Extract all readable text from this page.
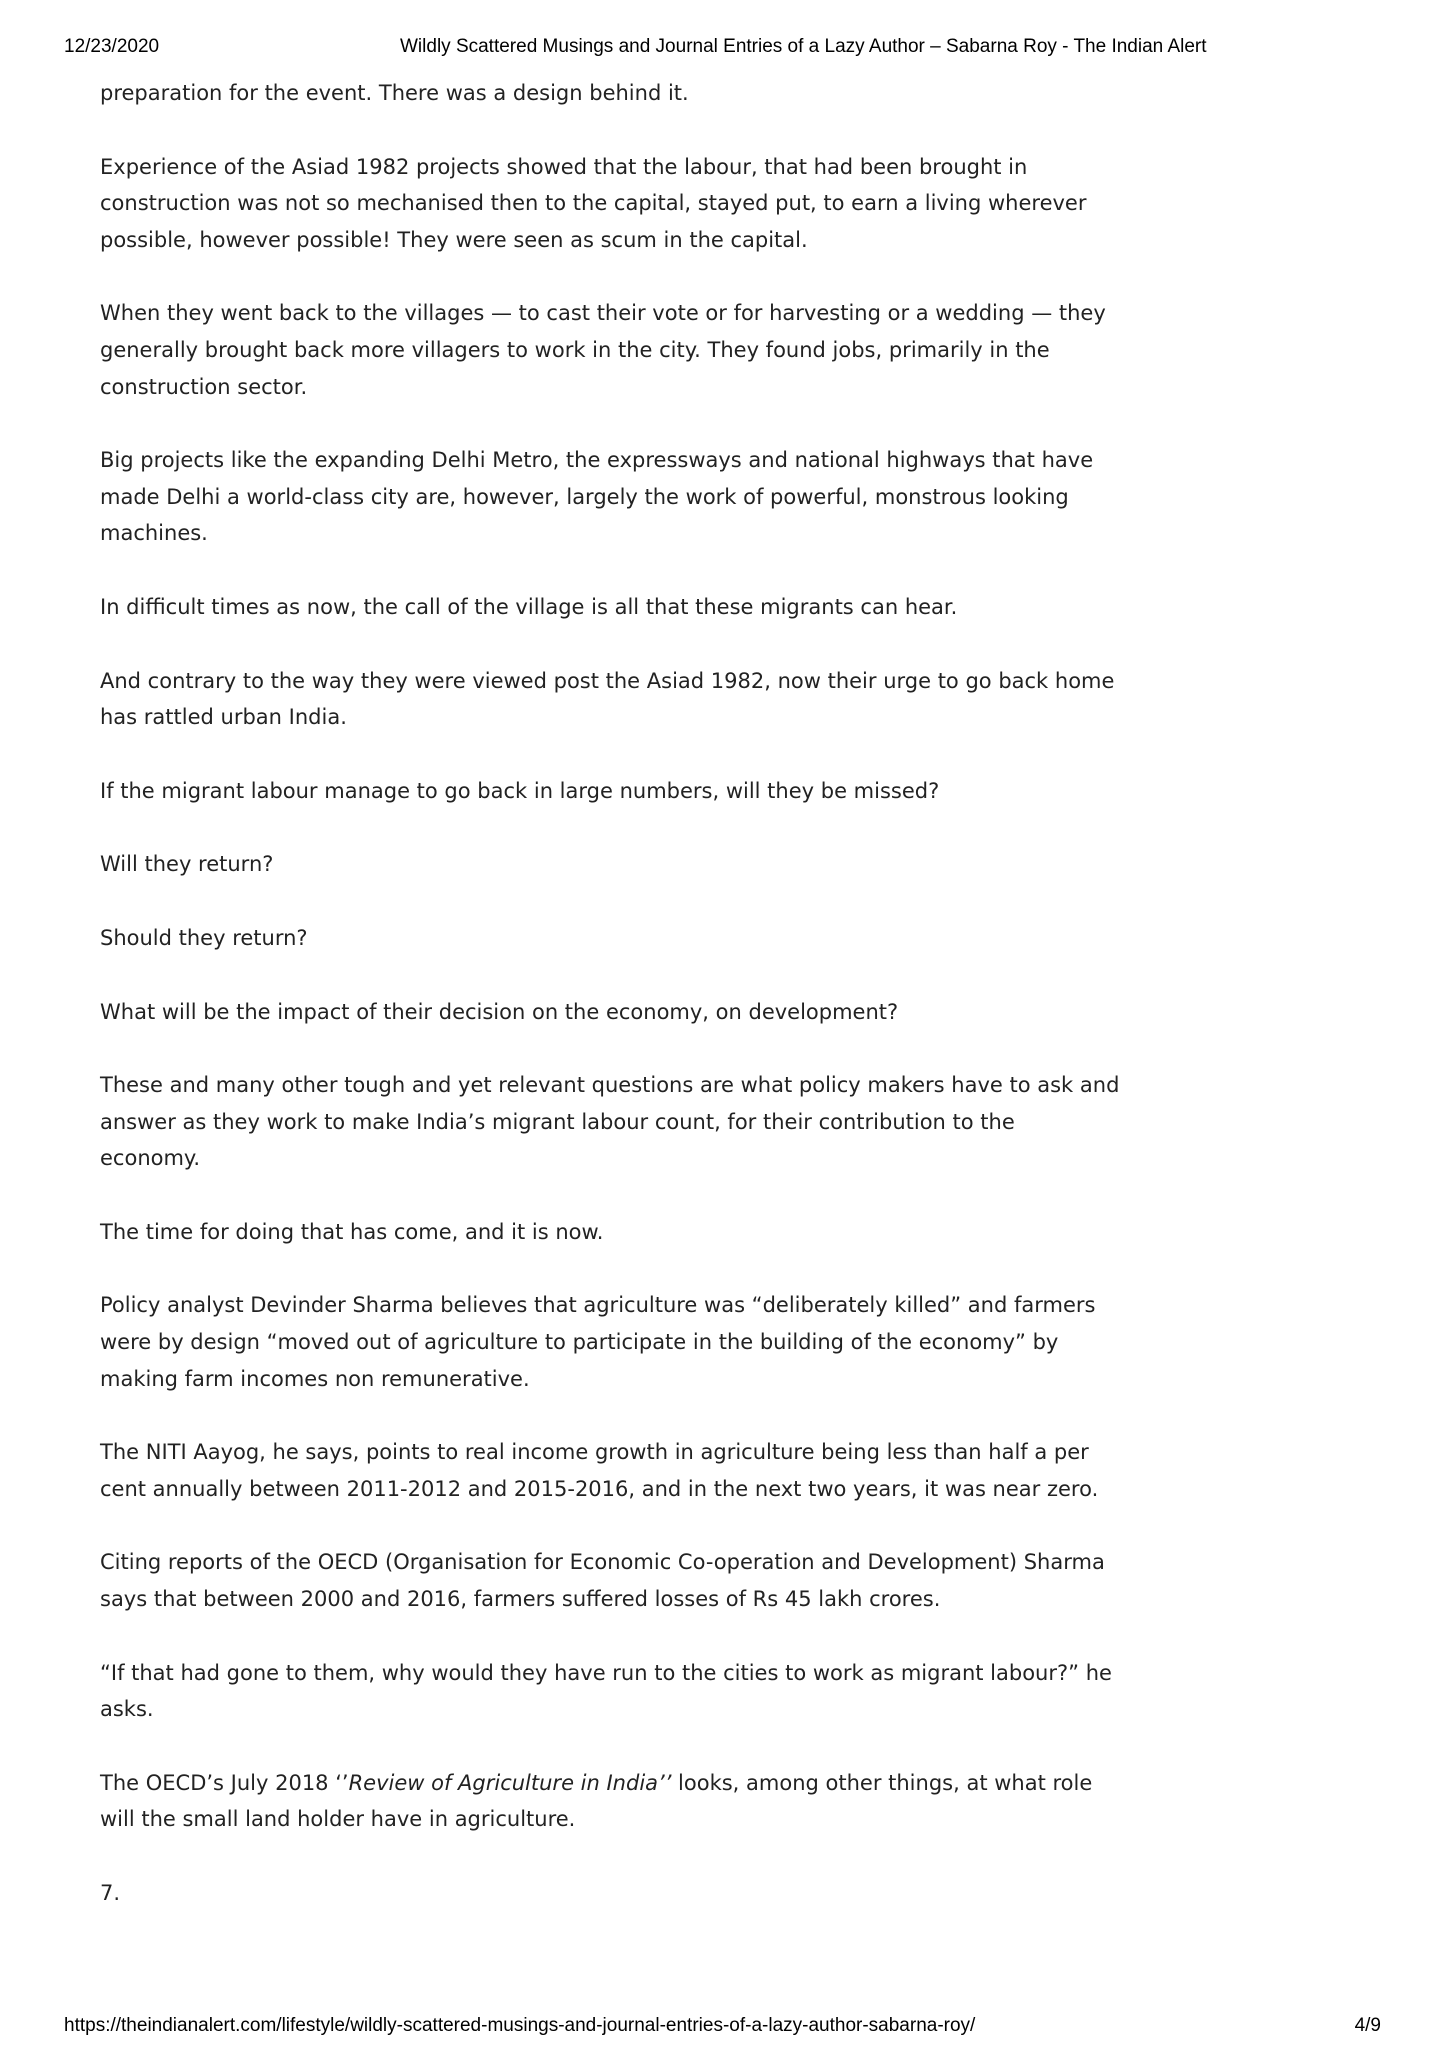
12/23/2020	Wildly Scattered Musings and Journal Entries of a Lazy Author – Sabarna Roy - The Indian Alert

preparation for the event. There was a design behind it.

Experience of the Asiad 1982 projects showed that the labour, that had been brought in construction was not so mechanised then to the capital, stayed put, to earn a living wherever possible, however possible! They were seen as scum in the capital.

When they went back to the villages — to cast their vote or for harvesting or a wedding — they generally brought back more villagers to work in the city. They found jobs, primarily in the construction sector.

Big projects like the expanding Delhi Metro, the expressways and national highways that have made Delhi a world-class city are, however, largely the work of powerful, monstrous looking machines.

In difficult times as now, the call of the village is all that these migrants can hear.

And contrary to the way they were viewed post the Asiad 1982, now their urge to go back home has rattled urban India.

If the migrant labour manage to go back in large numbers, will they be missed?

Will they return?

Should they return?

What will be the impact of their decision on the economy, on development?

These and many other tough and yet relevant questions are what policy makers have to ask and answer as they work to make India’s migrant labour count, for their contribution to the economy.

The time for doing that has come, and it is now.

Policy analyst Devinder Sharma believes that agriculture was “deliberately killed” and farmers were by design “moved out of agriculture to participate in the building of the economy” by making farm incomes non remunerative.

The NITI Aayog, he says, points to real income growth in agriculture being less than half a per cent annually between 2011-2012 and 2015-2016, and in the next two years, it was near zero.

Citing reports of the OECD (Organisation for Economic Co-operation and Development) Sharma says that between 2000 and 2016, farmers suffered losses of Rs 45 lakh crores.

“If that had gone to them, why would they have run to the cities to work as migrant labour?” he asks.

The OECD’s July 2018 ‘’Review of Agriculture in India’’ looks, among other things, at what role will the small land holder have in agriculture.

7.

https://theindianalert.com/lifestyle/wildly-scattered-musings-and-journal-entries-of-a-lazy-author-sabarna-roy/	4/9
